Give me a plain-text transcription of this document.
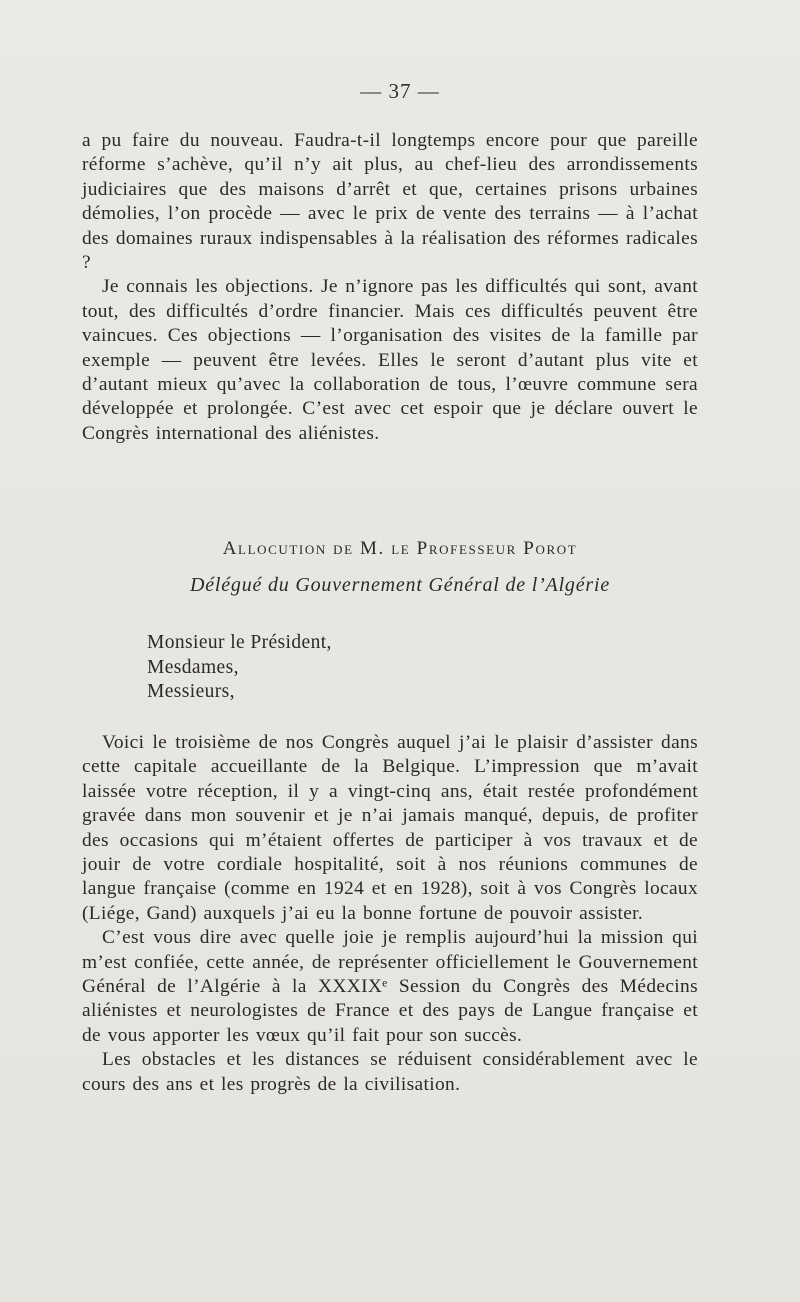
— 37 —

a pu faire du nouveau. Faudra-t-il longtemps encore pour que pareille réforme s’achève, qu’il n’y ait plus, au chef-lieu des arrondissements judiciaires que des maisons d’arrêt et que, certaines prisons urbaines démolies, l’on procède — avec le prix de vente des terrains — à l’achat des domaines ruraux indispensables à la réalisation des réformes radicales ?

Je connais les objections. Je n’ignore pas les difficultés qui sont, avant tout, des difficultés d’ordre financier. Mais ces difficultés peuvent être vaincues. Ces objections — l’organisation des visites de la famille par exemple — peuvent être levées. Elles le seront d’autant plus vite et d’autant mieux qu’avec la collaboration de tous, l’œuvre commune sera développée et prolongée. C’est avec cet espoir que je déclare ouvert le Congrès international des aliénistes.

Allocution de M. le Professeur Porot
Délégué du Gouvernement Général de l’Algérie
Monsieur le Président,
Mesdames,
Messieurs,

Voici le troisième de nos Congrès auquel j’ai le plaisir d’assister dans cette capitale accueillante de la Belgique. L’impression que m’avait laissée votre réception, il y a vingt-cinq ans, était restée profondément gravée dans mon souvenir et je n’ai jamais manqué, depuis, de profiter des occasions qui m’étaient offertes de participer à vos travaux et de jouir de votre cordiale hospitalité, soit à nos réunions communes de langue française (comme en 1924 et en 1928), soit à vos Congrès locaux (Liége, Gand) auxquels j’ai eu la bonne fortune de pouvoir assister.

C’est vous dire avec quelle joie je remplis aujourd’hui la mission qui m’est confiée, cette année, de représenter officiellement le Gouvernement Général de l’Algérie à la XXXIXᵉ Session du Congrès des Médecins aliénistes et neurologistes de France et des pays de Langue française et de vous apporter les vœux qu’il fait pour son succès.

Les obstacles et les distances se réduisent considérablement avec le cours des ans et les progrès de la civilisation.
